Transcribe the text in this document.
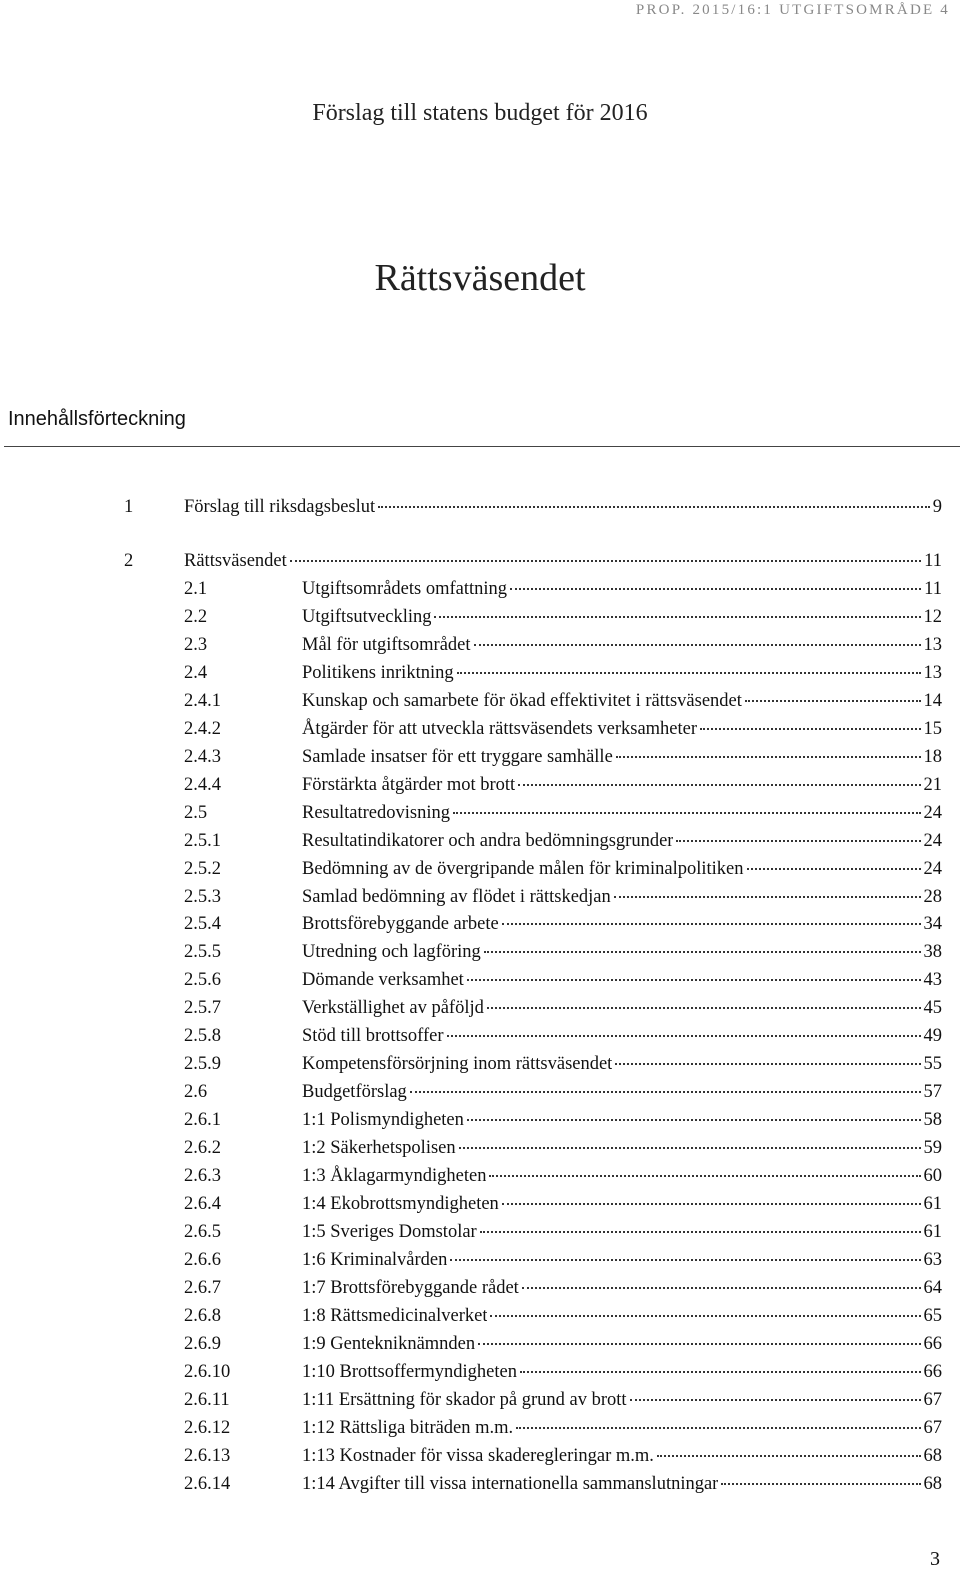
PROP. 2015/16:1 UTGIFTSOMRÅDE 4
Förslag till statens budget för 2016
Rättsväsendet
Innehållsförteckning
1	Förslag till riksdagsbeslut	9
2	Rättsväsendet	11
2.1	Utgiftsområdets omfattning	11
2.2	Utgiftsutveckling	12
2.3	Mål för utgiftsområdet	13
2.4	Politikens inriktning	13
2.4.1	Kunskap och samarbete för ökad effektivitet i rättsväsendet	14
2.4.2	Åtgärder för att utveckla rättsväsendets verksamheter	15
2.4.3	Samlade insatser för ett tryggare samhälle	18
2.4.4	Förstärkta åtgärder mot brott	21
2.5	Resultatredovisning	24
2.5.1	Resultatindikatorer och andra bedömningsgrunder	24
2.5.2	Bedömning av de övergripande målen för kriminalpolitiken	24
2.5.3	Samlad bedömning av flödet i rättskedjan	28
2.5.4	Brottsförebyggande arbete	34
2.5.5	Utredning och lagföring	38
2.5.6	Dömande verksamhet	43
2.5.7	Verkställighet av påföljd	45
2.5.8	Stöd till brottsoffer	49
2.5.9	Kompetensförsörjning inom rättsväsendet	55
2.6	Budgetförslag	57
2.6.1	1:1 Polismyndigheten	58
2.6.2	1:2 Säkerhetspolisen	59
2.6.3	1:3 Åklagarmyndigheten	60
2.6.4	1:4 Ekobrottsmyndigheten	61
2.6.5	1:5 Sveriges Domstolar	61
2.6.6	1:6 Kriminalvården	63
2.6.7	1:7 Brottsförebyggande rådet	64
2.6.8	1:8 Rättsmedicinalverket	65
2.6.9	1:9 Gentekniknämnden	66
2.6.10	1:10 Brottsoffermyndigheten	66
2.6.11	1:11 Ersättning för skador på grund av brott	67
2.6.12	1:12 Rättsliga biträden m.m.	67
2.6.13	1:13 Kostnader för vissa skaderegleringar m.m.	68
2.6.14	1:14 Avgifter till vissa internationella sammanslutningar	68
3
